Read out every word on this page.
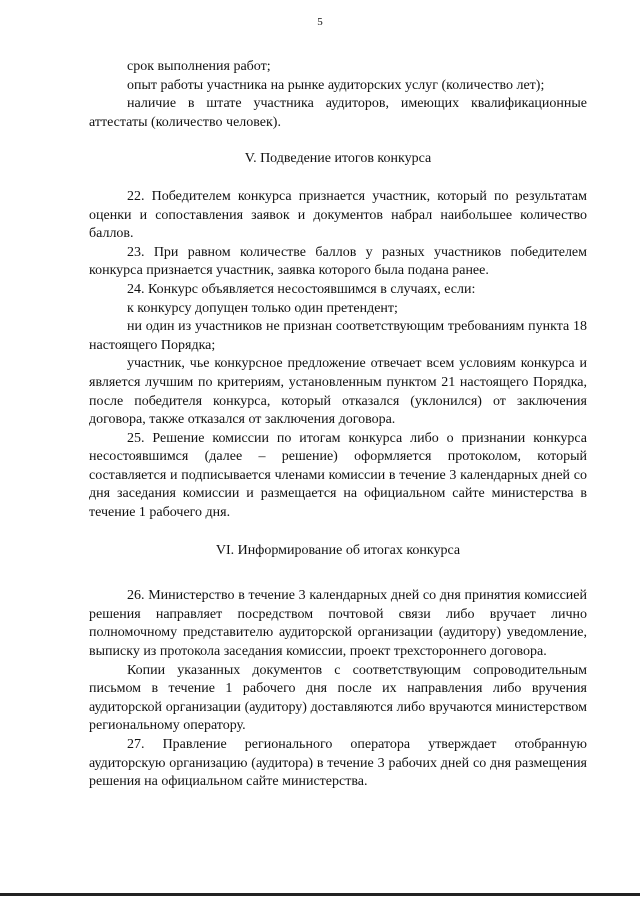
5

срок выполнения работ;

опыт работы участника на рынке аудиторских услуг (количество лет);

наличие в штате участника аудиторов, имеющих квалификационные аттестаты (количество человек).

V. Подведение итогов конкурса

22. Победителем конкурса признается участник, который по результатам оценки и сопоставления заявок и документов набрал наибольшее количество баллов.

23. При равном количестве баллов у разных участников победителем конкурса признается участник, заявка которого была подана ранее.

24. Конкурс объявляется несостоявшимся в случаях, если:

к конкурсу допущен только один претендент;

ни один из участников не признан соответствующим требованиям пункта 18 настоящего Порядка;

участник, чье конкурсное предложение отвечает всем условиям конкурса и является лучшим по критериям, установленным пунктом 21 настоящего Порядка, после победителя конкурса, который отказался (уклонился) от заключения договора, также отказался от заключения договора.

25. Решение комиссии по итогам конкурса либо о признании конкурса несостоявшимся (далее – решение) оформляется протоколом, который составляется и подписывается членами комиссии в течение 3 календарных дней со дня заседания комиссии и размещается на официальном сайте министерства в течение 1 рабочего дня.

VI. Информирование об итогах конкурса

26. Министерство в течение 3 календарных дней со дня принятия комиссией решения направляет посредством почтовой связи либо вручает лично полномочному представителю аудиторской организации (аудитору) уведомление, выписку из протокола заседания комиссии, проект трехстороннего договора.

Копии указанных документов с соответствующим сопроводительным письмом в течение 1 рабочего дня после их направления либо вручения аудиторской организации (аудитору) доставляются либо вручаются министерством региональному оператору.

27. Правление регионального оператора утверждает отобранную аудиторскую организацию (аудитора) в течение 3 рабочих дней со дня размещения решения на официальном сайте министерства.
